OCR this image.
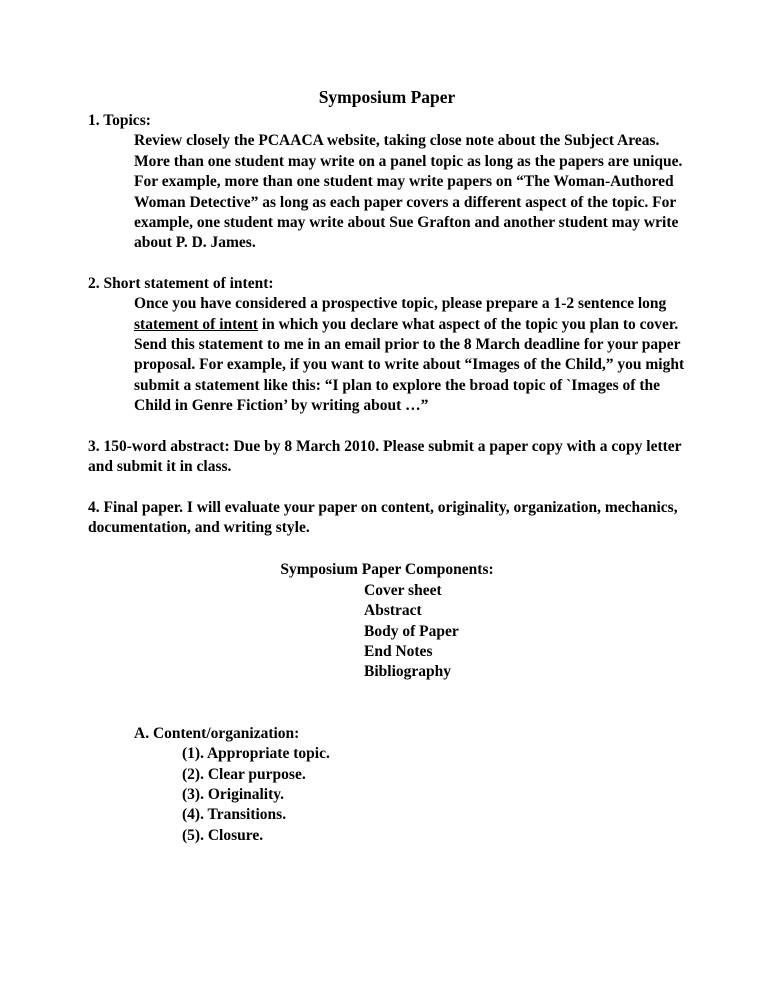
Symposium Paper

1. Topics:

Review closely the PCAACA website, taking close note about the Subject Areas.

More than one student may write on a panel topic as long as the papers are unique. For example, more than one student may write papers on “The Woman-Authored Woman Detective” as long as each paper covers a different aspect of the topic. For example, one student may write about Sue Grafton and another student may write about P. D. James.

2. Short statement of intent:

Once you have considered a prospective topic, please prepare a 1-2 sentence long statement of intent in which you declare what aspect of the topic you plan to cover. Send this statement to me in an email prior to the 8 March deadline for your paper proposal. For example, if you want to write about “Images of the Child,” you might submit a statement like this: “I plan to explore the broad topic of `Images of the Child in Genre Fiction’ by writing about …”

3. 150-word abstract: Due by 8 March 2010. Please submit a paper copy with a copy letter and submit it in class.

4. Final paper. I will evaluate your paper on content, originality, organization, mechanics, documentation, and writing style.

Symposium Paper Components:

Cover sheet

Abstract

Body of Paper

End Notes

Bibliography

A. Content/organization:

(1). Appropriate topic.

(2). Clear purpose.

(3). Originality.

(4). Transitions.

(5). Closure.
